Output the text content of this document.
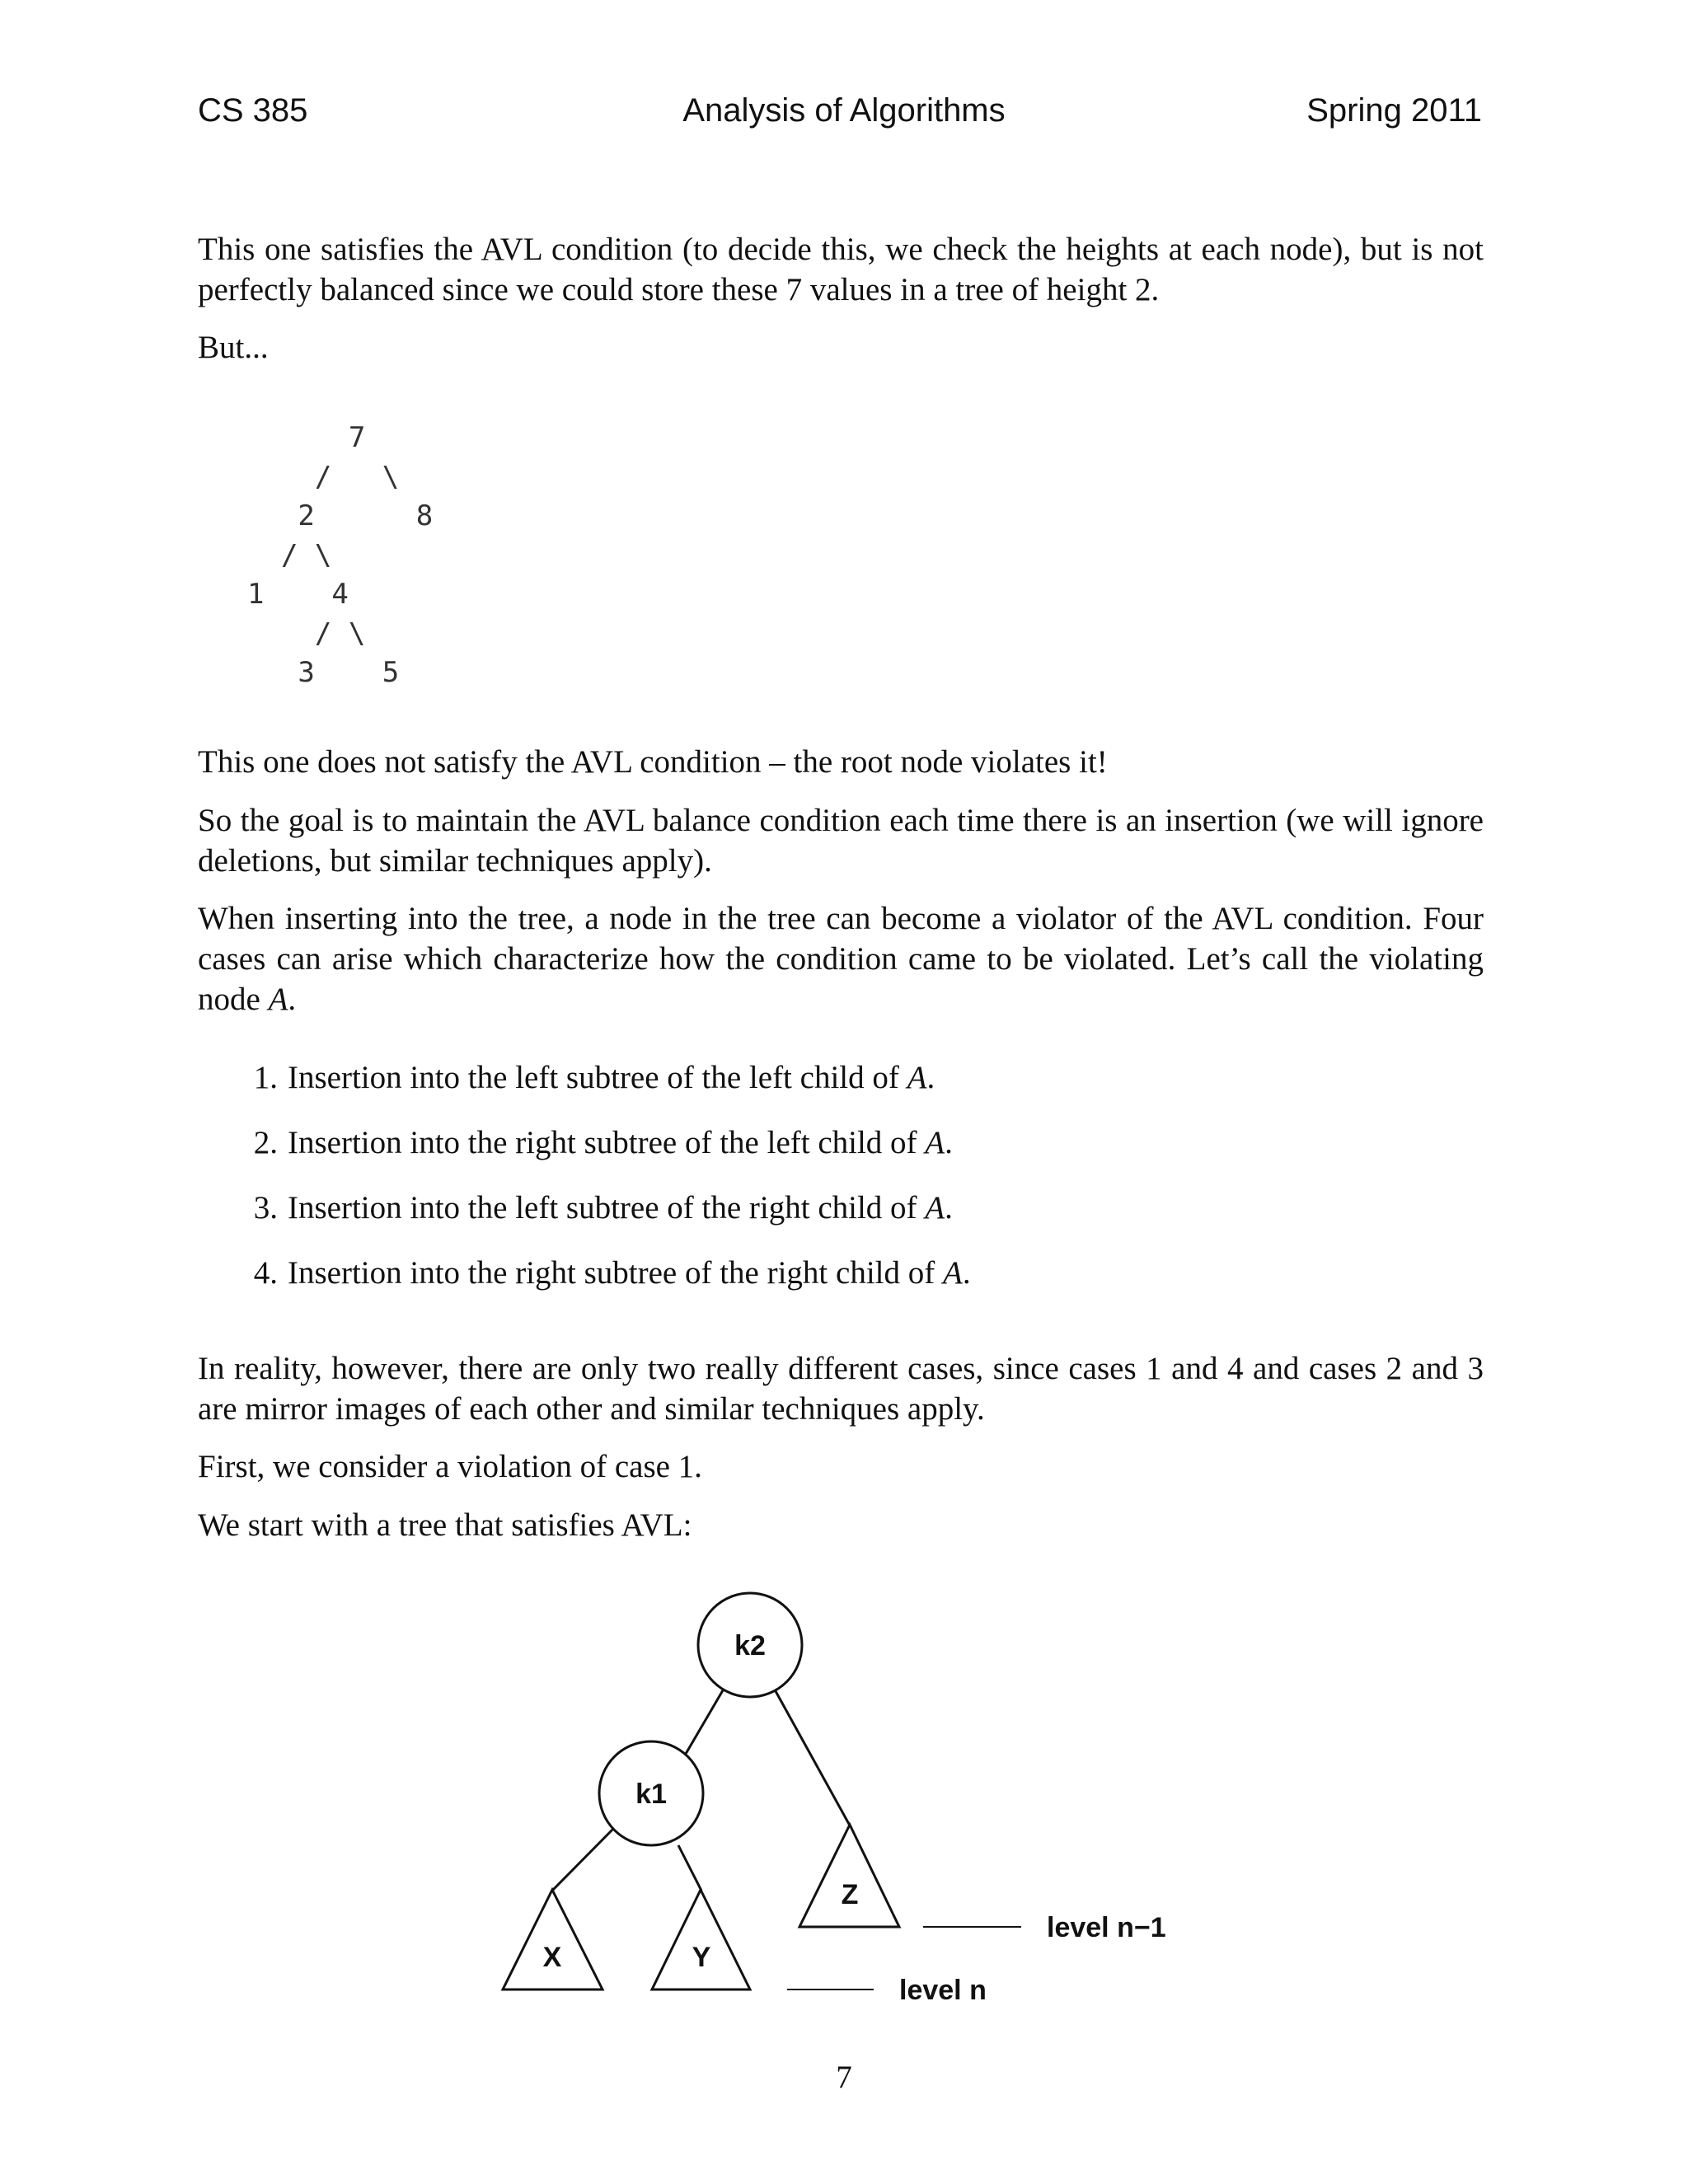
CS 385	Analysis of Algorithms	Spring 2011
This one satisfies the AVL condition (to decide this, we check the heights at each node), but is not perfectly balanced since we could store these 7 values in a tree of height 2.
But...
7
/   \
2      8
/ \
1    4
/ \
3    5
This one does not satisfy the AVL condition – the root node violates it!
So the goal is to maintain the AVL balance condition each time there is an insertion (we will ignore deletions, but similar techniques apply).
When inserting into the tree, a node in the tree can become a violator of the AVL condition. Four cases can arise which characterize how the condition came to be violated. Let’s call the violating node A.
1. Insertion into the left subtree of the left child of A.
2. Insertion into the right subtree of the left child of A.
3. Insertion into the left subtree of the right child of A.
4. Insertion into the right subtree of the right child of A.
In reality, however, there are only two really different cases, since cases 1 and 4 and cases 2 and 3 are mirror images of each other and similar techniques apply.
First, we consider a violation of case 1.
We start with a tree that satisfies AVL:
k2
k1
X	Y
Z
level n−1
level n
7
